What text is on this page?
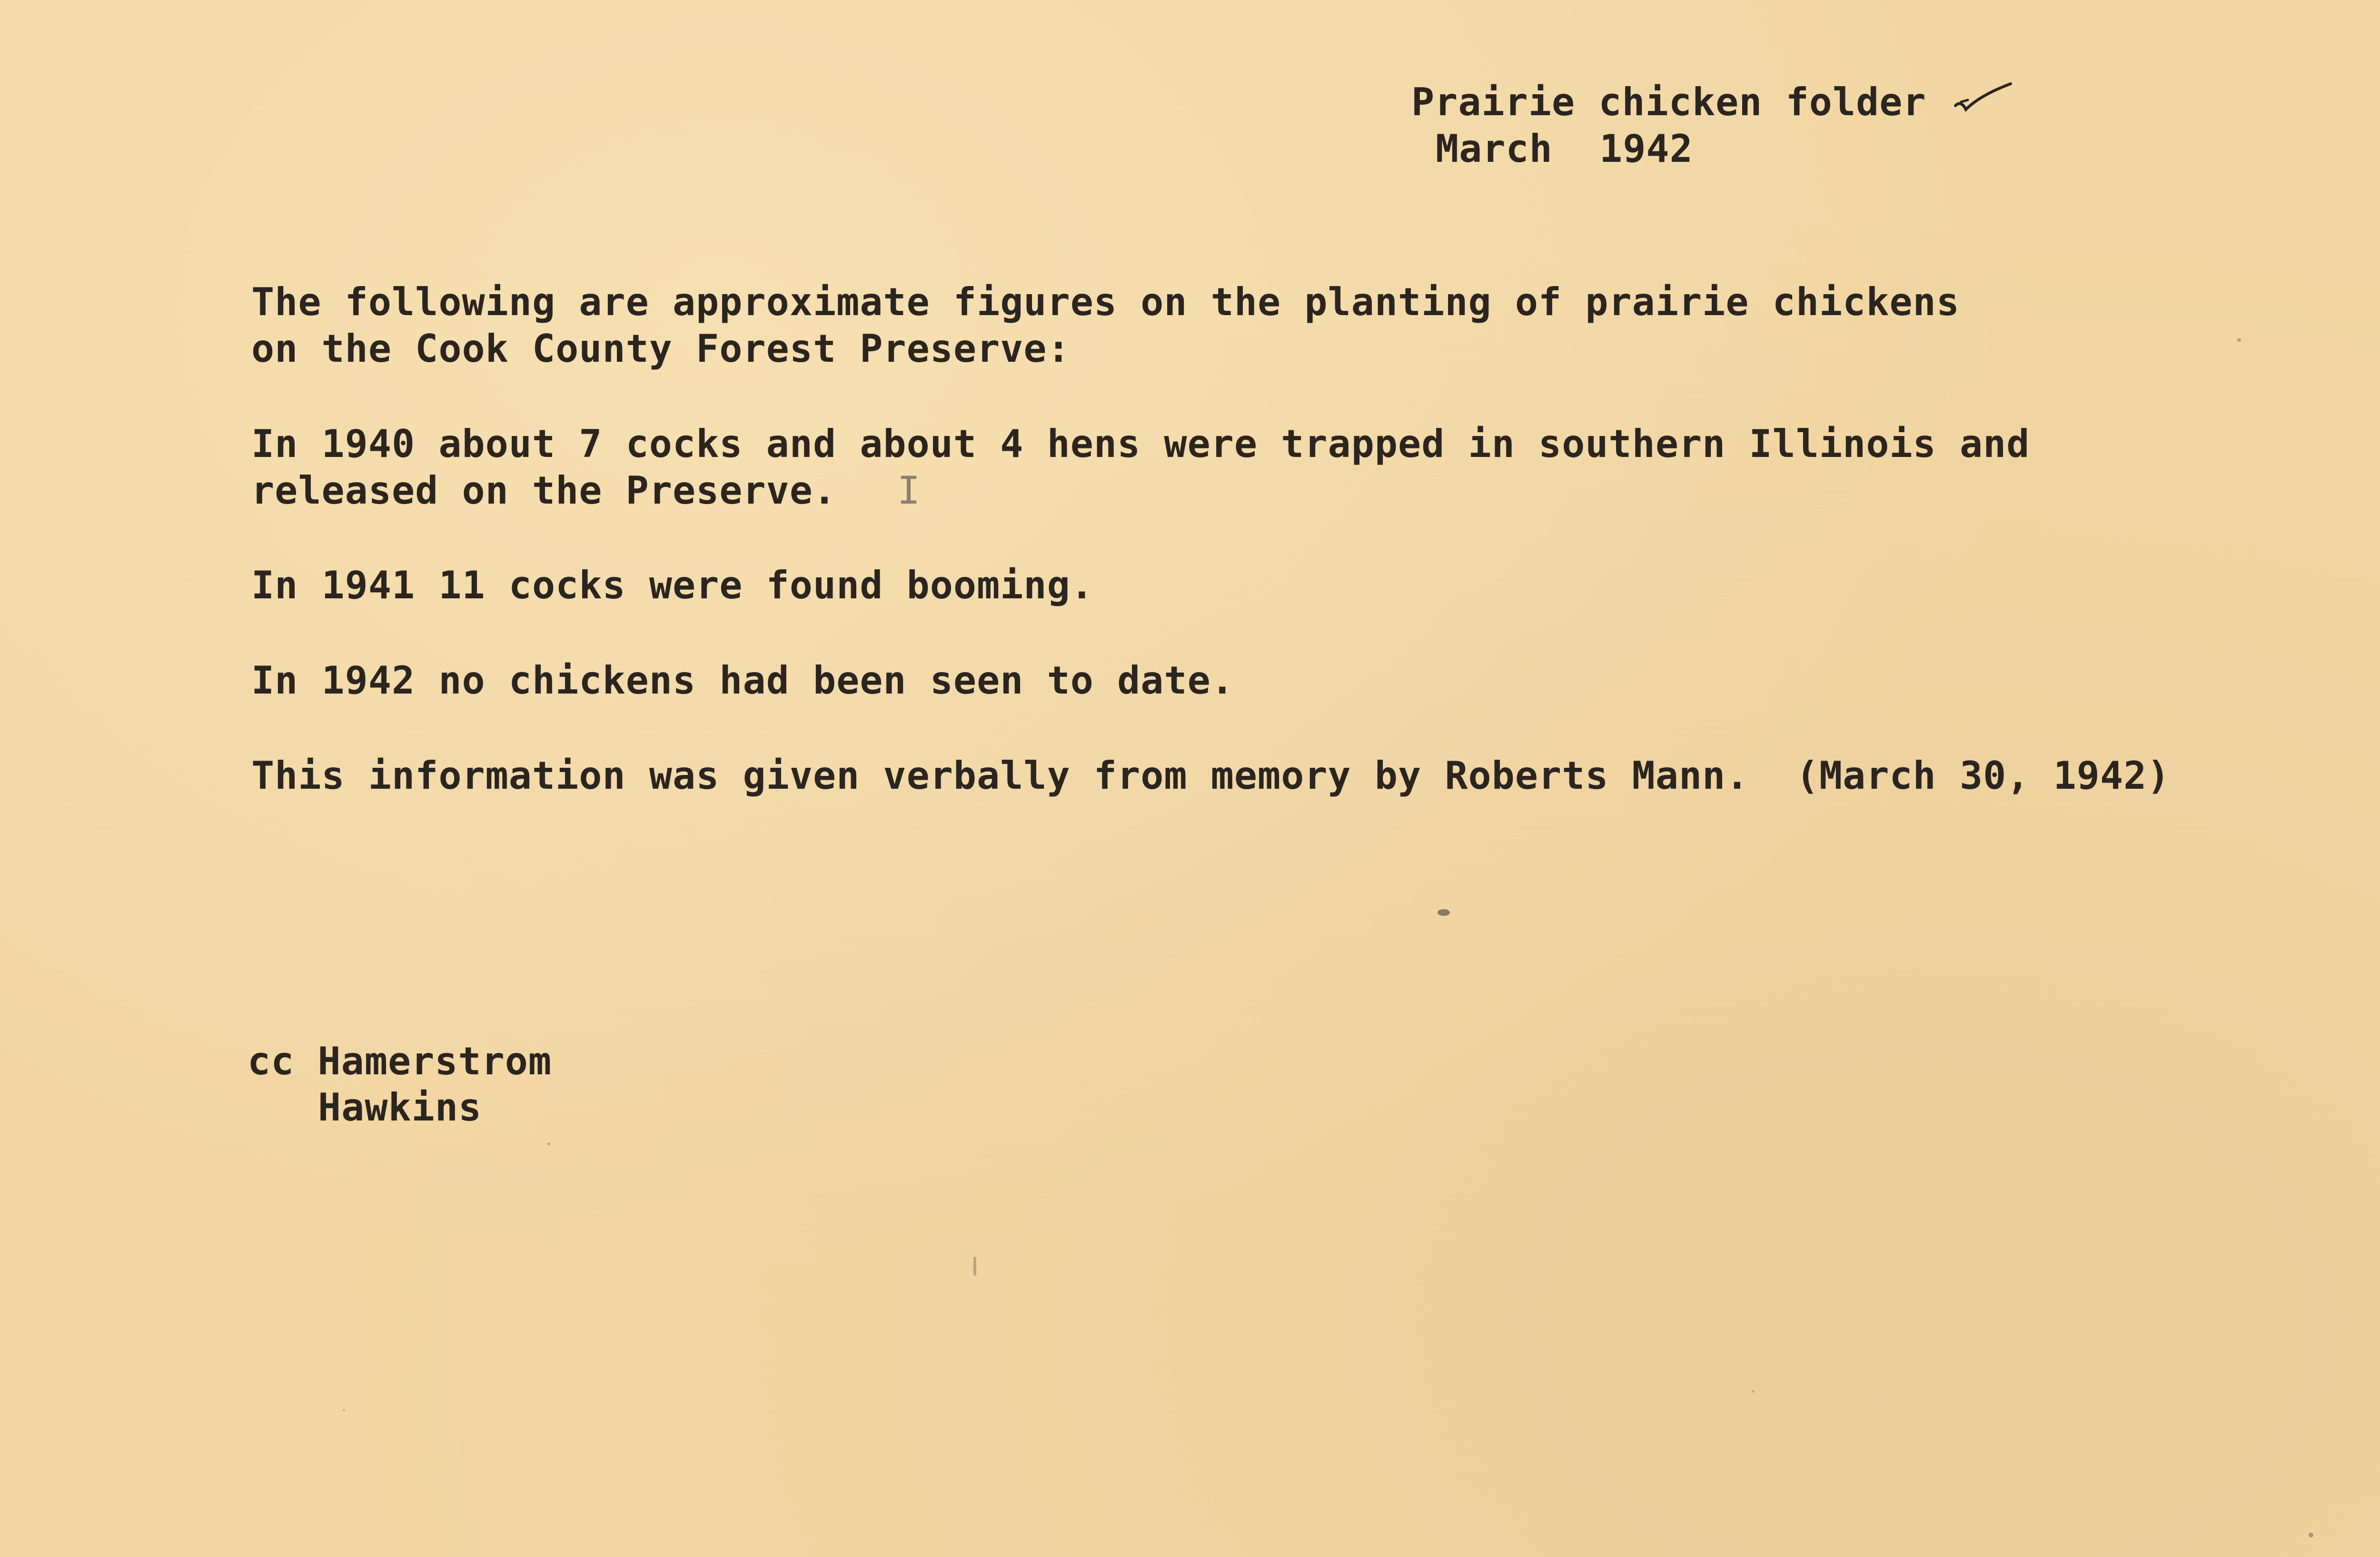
Prairie chicken folder

March  1942

The following are approximate figures on the planting of prairie chickens

on the Cook County Forest Preserve:

In 1940 about 7 cocks and about 4 hens were trapped in southern Illinois and

released on the Preserve. I

In 1941 11 cocks were found booming.

In 1942 no chickens had been seen to date.

This information was given verbally from memory by Roberts Mann.  (March 30, 1942)

cc Hamerstrom

Hawkins
